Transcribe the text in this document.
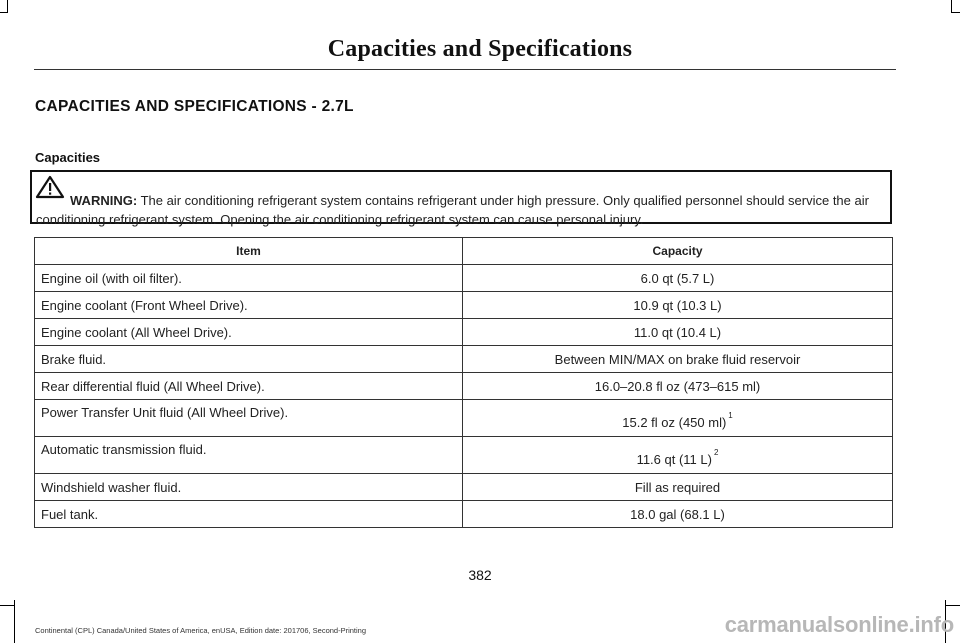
Capacities and Specifications
CAPACITIES AND SPECIFICATIONS - 2.7L
Capacities
WARNING: The air conditioning refrigerant system contains refrigerant under high pressure. Only qualified personnel should service the air conditioning refrigerant system. Opening the air conditioning refrigerant system can cause personal injury.
Item	Capacity
Engine oil (with oil filter).	6.0 qt (5.7 L)
Engine coolant (Front Wheel Drive).	10.9 qt (10.3 L)
Engine coolant (All Wheel Drive).	11.0 qt (10.4 L)
Brake fluid.	Between MIN/MAX on brake fluid reservoir
Rear differential fluid (All Wheel Drive).	16.0–20.8 fl oz (473–615 ml)
Power Transfer Unit fluid (All Wheel Drive).	15.2 fl oz (450 ml) $^1$
Automatic transmission fluid.	11.6 qt (11 L) $^2$
Windshield washer fluid.	Fill as required
Fuel tank.	18.0 gal (68.1 L)
382
Continental (CPL) Canada/United States of America, enUSA, Edition date: 201706, Second-Printing	carmanualsonline.info
